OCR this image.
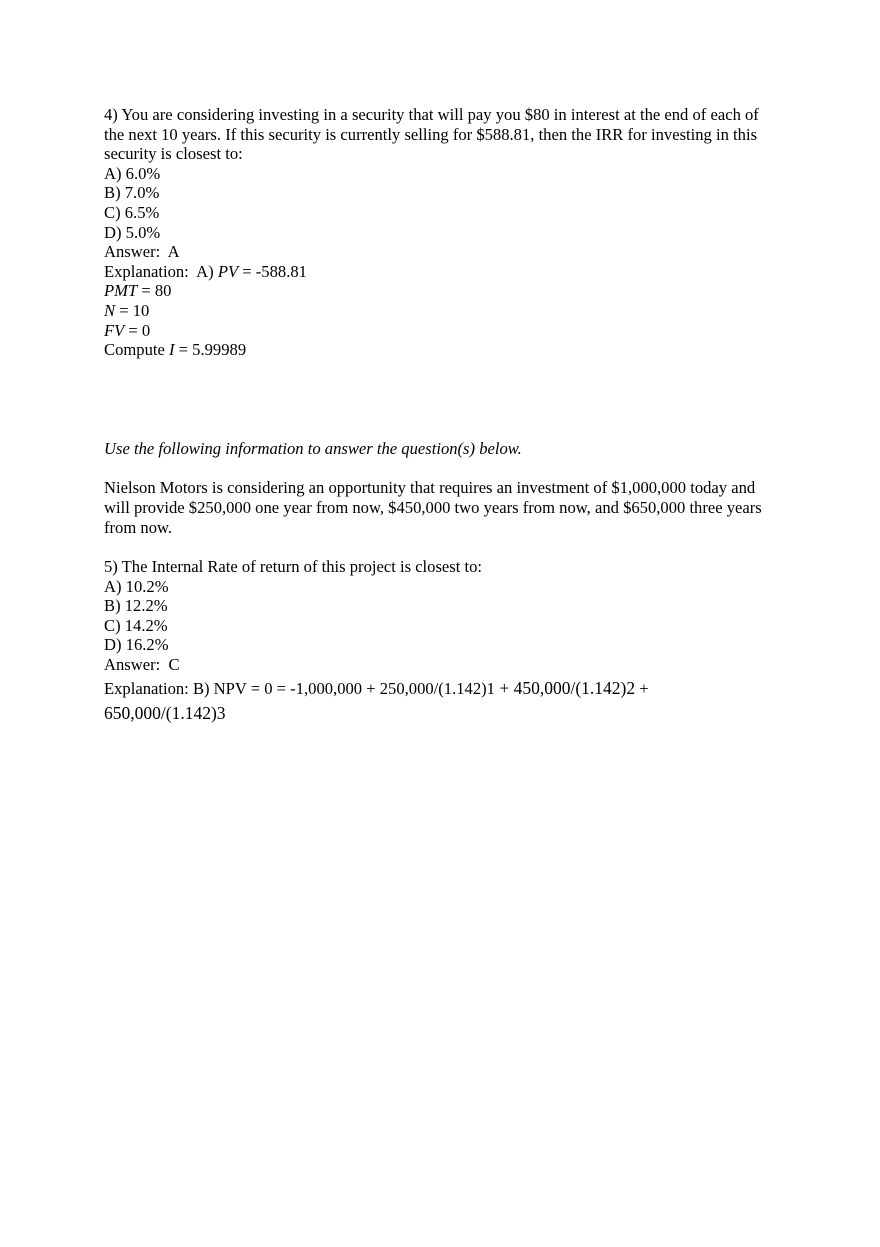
4) You are considering investing in a security that will pay you $80 in interest at the end of each of the next 10 years. If this security is currently selling for $588.81, then the IRR for investing in this security is closest to:
A) 6.0%
B) 7.0%
C) 6.5%
D) 5.0%
Answer:  A
Explanation:  A) PV = -588.81
PMT = 80
N = 10
FV = 0
Compute I = 5.99989
Use the following information to answer the question(s) below.
Nielson Motors is considering an opportunity that requires an investment of $1,000,000 today and will provide $250,000 one year from now, $450,000 two years from now, and $650,000 three years from now.
5) The Internal Rate of return of this project is closest to:
A) 10.2%
B) 12.2%
C) 14.2%
D) 16.2%
Answer:  C
Explanation: B) NPV = 0 = -1,000,000 + 250,000/(1.142)1 + 450,000/(1.142)2 +
650,000/(1.142)3
